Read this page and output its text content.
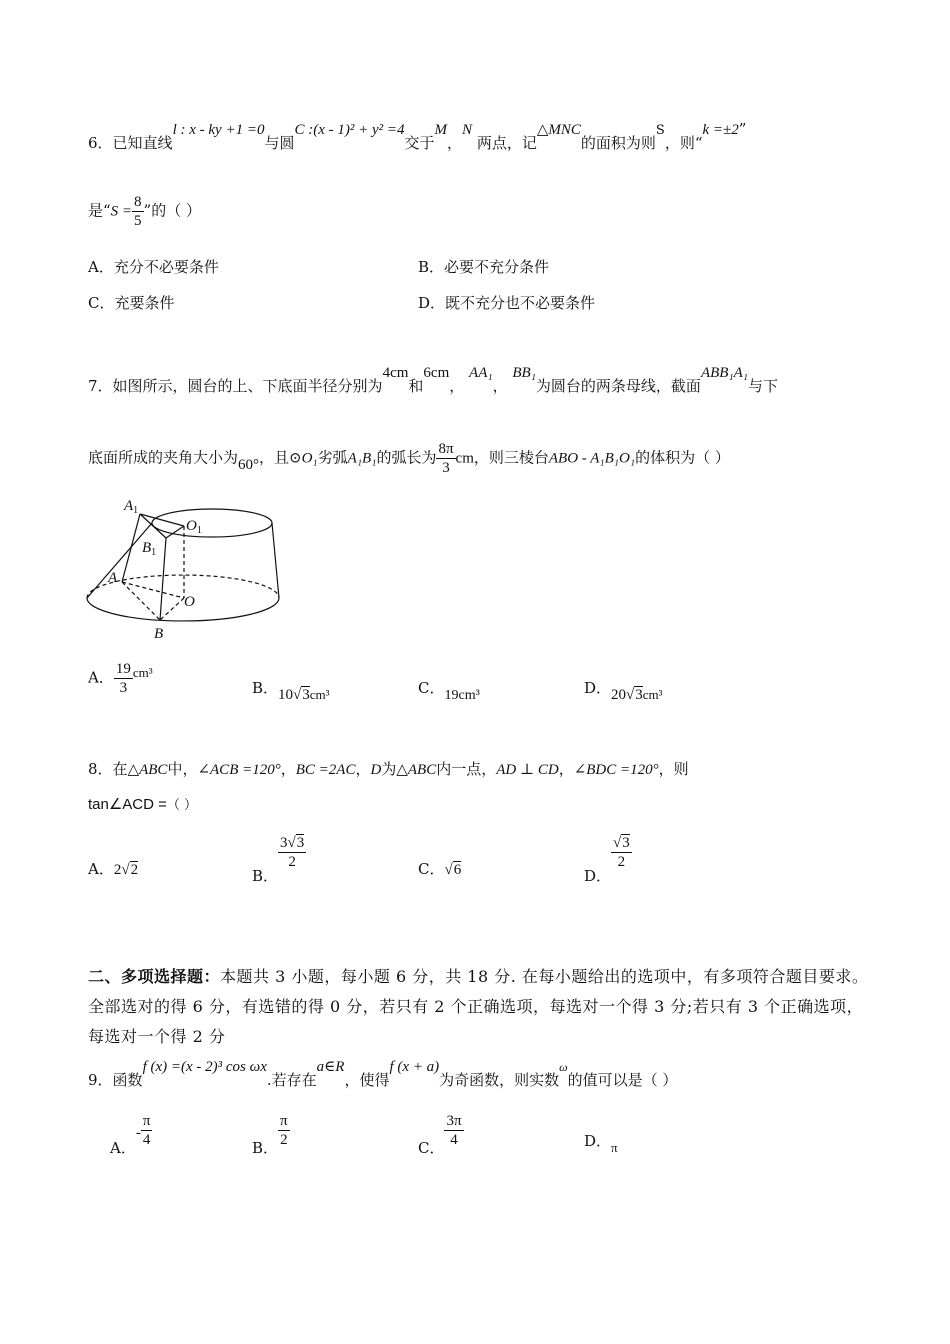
6．已知直线l : x - ky +1 =0与圆C :(x - 1)² + y² =4交于M，N 两点，记△MNC的面积为则S，则“k =±2”
是“$S = \frac{8}{5}$ ”的（ ）
A．充分不必要条件	B．必要不充分条件
C．充要条件	D．既不充分也不必要条件
7．如图所示，圆台的上、下底面半径分别为4cm和6cm， AA₁， BB₁为圆台的两条母线，截面ABB₁A₁与下
底面所成的夹角大小为60°，且⊙O₁劣弧A₁B₁的弧长为 $\frac{8\pi}{3}$ cm，则三棱台ABO - A₁B₁O₁的体积为（ ）
$A_1$
$O_1$
$B_1$
A
O
B
A． $\frac{19}{3} cm^3$
B．10√3cm³	C．19cm³	D．20√3cm³
8．在△ABC中，∠ACB =120°，BC =2AC，D为△ABC内一点，AD ⊥ CD，∠BDC =120°，则
tan∠ACD =（ ）
A．2√2	B．
$\frac{3√3}{2}$	C．√6	D．
$\frac{√3}{2}$
二、多项选择题：本题共 3 小题，每小题 6 分，共 18 分. 在每小题给出的选项中，有多项符合题目要求。全部选对的得 6 分，有选错的得 0 分，若只有 2 个正确选项，每选对一个得 3 分;若只有 3 个正确选项，每选对一个得 2 分
9．函数f (x) =(x - 2)³ cos ωx.若存在a∈R，使得f (x + a)为奇函数，则实数$^\omega$的值可以是（ ）
A．- $\frac{\pi}{4}$	B． $\frac{\pi}{2}$	C． $\frac{3\pi}{4}$	D．π
